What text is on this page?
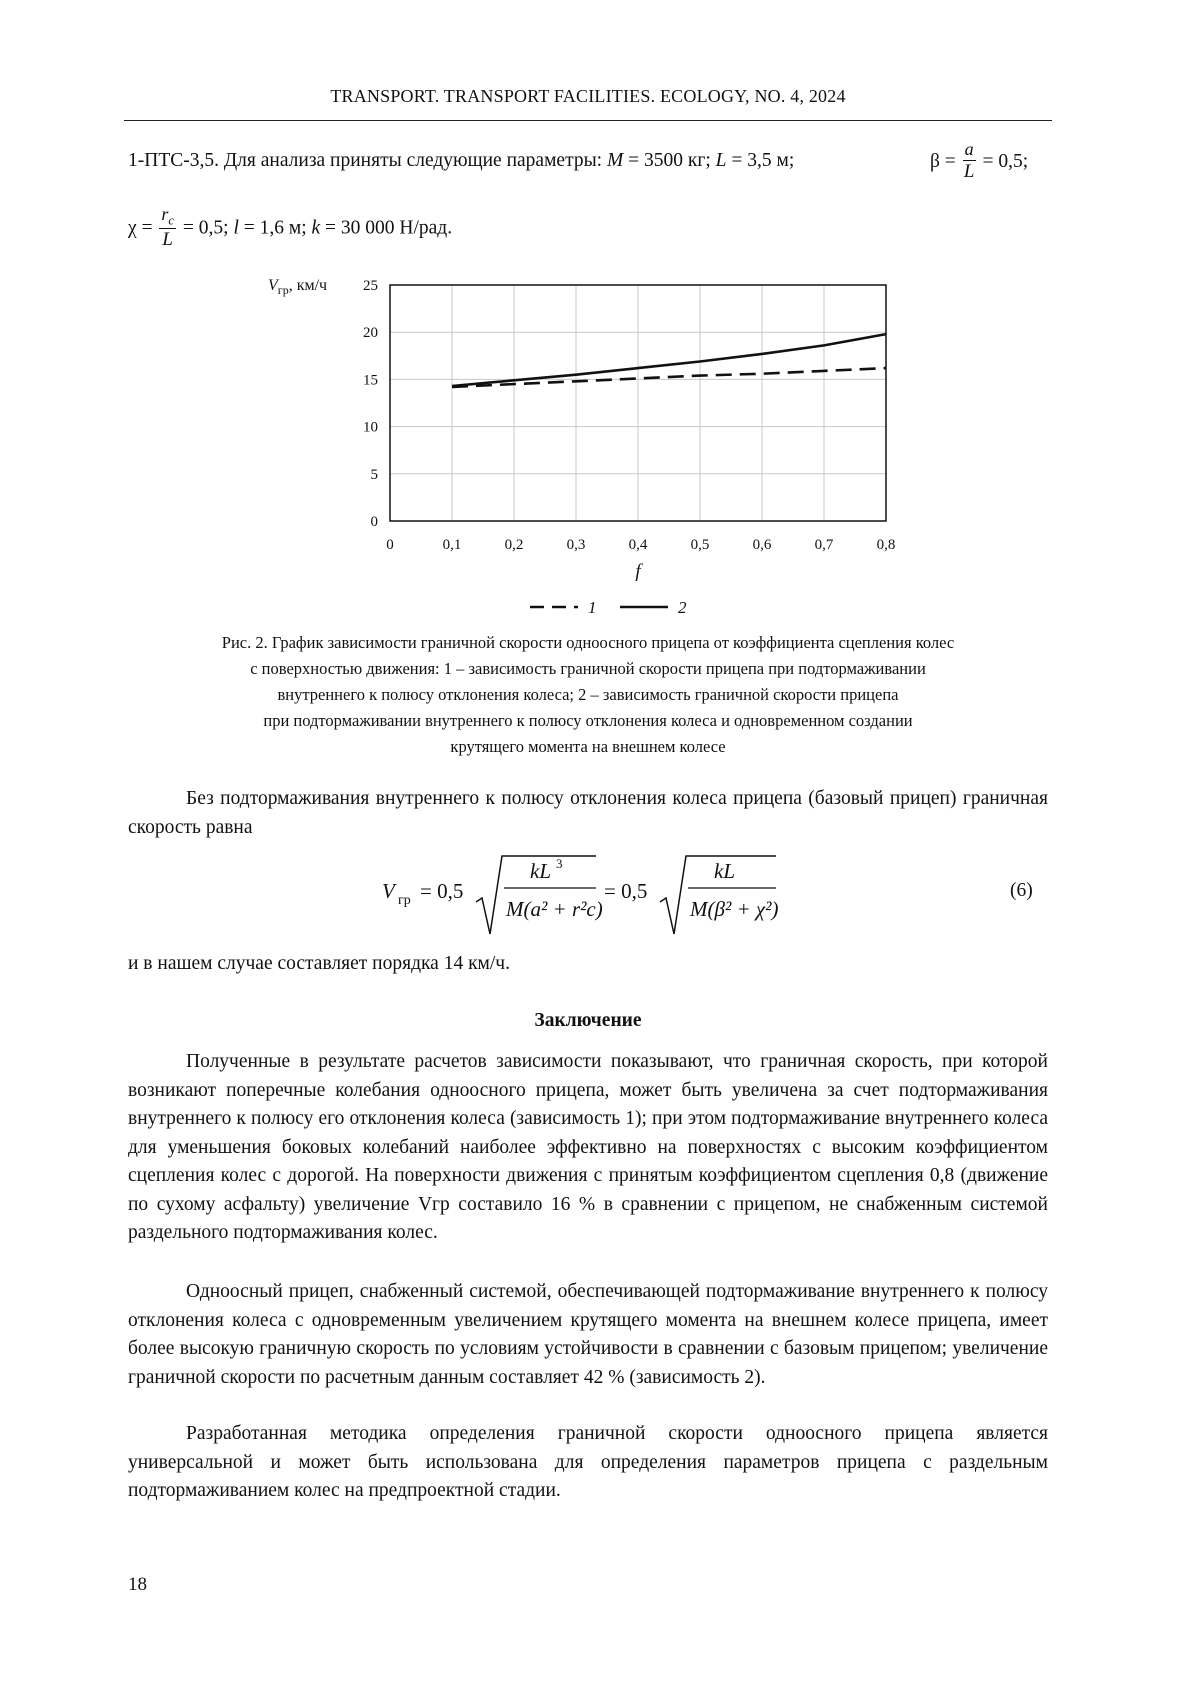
TRANSPORT. TRANSPORT FACILITIES. ECOLOGY, NO. 4, 2024
1-ПТС-3,5. Для анализа приняты следующие параметры: M = 3500 кг; L = 3,5 м;	$\beta = \frac{a}{L} = 0,5$;
$\chi = \frac{r_c}{L} = 0,5$; l = 1,6 м; k = 30 000 Н/рад.
0	0,1	0,2	0,3	0,4	0,5	0,6	0,7	0,8
0
5
10
15
20
25
$V_{гр}$, км/ч
f
1	2
Рис. 2. График зависимости граничной скорости одноосного прицепа от коэффициента сцепления колес
с поверхностью движения: 1 – зависимость граничной скорости прицепа при подтормаживании
внутреннего к полюсу отклонения колеса; 2 – зависимость граничной скорости прицепа
при подтормаживании внутреннего к полюсу отклонения колеса и одновременном создании
крутящего момента на внешнем колесе
Без подтормаживания внутреннего к полюсу отклонения колеса прицепа (базовый прицеп) граничная скорость равна
V гр = 0,5
kL 3
M(a² + r²c)
= 0,5
kL
M(β² + χ²)
(6)
и в нашем случае составляет порядка 14 км/ч.
Заключение
Полученные в результате расчетов зависимости показывают, что граничная скорость, при которой возникают поперечные колебания одноосного прицепа, может быть увеличена за счет подтормаживания внутреннего к полюсу его отклонения колеса (зависимость 1); при этом подтормаживание внутреннего колеса для уменьшения боковых колебаний наиболее эффективно на поверхностях с высоким коэффициентом сцепления колес с дорогой. На поверхности движения с принятым коэффициентом сцепления 0,8 (движение по сухому асфальту) увеличение Vгр составило 16 % в сравнении с прицепом, не снабженным системой раздельного подтормаживания колес.
Одноосный прицеп, снабженный системой, обеспечивающей подтормаживание внутреннего к полюсу отклонения колеса с одновременным увеличением крутящего момента на внешнем колесе прицепа, имеет более высокую граничную скорость по условиям устойчивости в сравнении с базовым прицепом; увеличение граничной скорости по расчетным данным составляет 42 % (зависимость 2).
Разработанная методика определения граничной скорости одноосного прицепа является универсальной и может быть использована для определения параметров прицепа с раздельным подтормаживанием колес на предпроектной стадии.
18
